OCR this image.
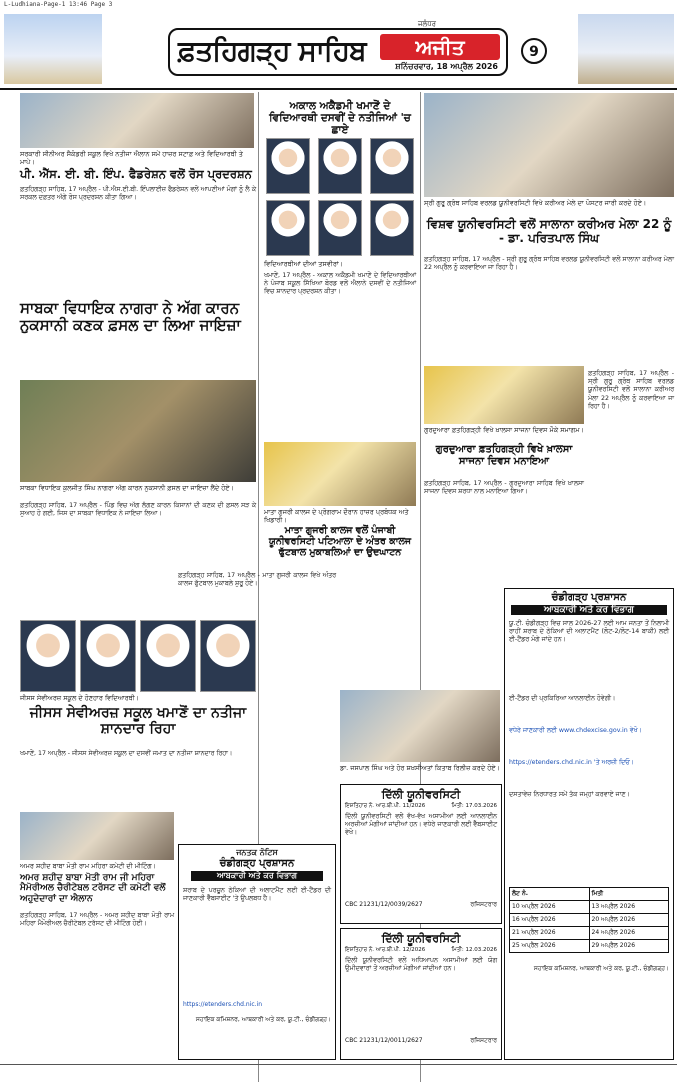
L-Ludhiana-Page-1 13:46 Page 3
ਫ਼ਤਹਿਗੜ੍ਹ ਸਾਹਿਬ
ਜਲੰਧਰ
ਅਜੀਤ
ਸ਼ਨਿੱਚਰਵਾਰ, 18 ਅਪ੍ਰੈਲ 2026
9
ਸਰਕਾਰੀ ਸੀਨੀਅਰ ਸੈਕੰਡਰੀ ਸਕੂਲ ਵਿਖੇ ਨਤੀਜਾ ਐਲਾਨ ਸਮੇਂ ਹਾਜ਼ਰ ਸਟਾਫ਼ ਅਤੇ ਵਿਦਿਆਰਥੀ ਤੇ ਮਾਪੇ।
ਪੀ. ਐੱਸ. ਈ. ਬੀ. ਇੰਪ. ਫੈਡਰੇਸ਼ਨ ਵਲੋਂ ਰੋਸ ਪ੍ਰਦਰਸ਼ਨ
ਫ਼ਤਹਿਗੜ੍ਹ ਸਾਹਿਬ, 17 ਅਪ੍ਰੈਲ - ਪੀ.ਐਸ.ਈ.ਬੀ. ਇੰਪਲਾਈਜ਼ ਫੈਡਰੇਸ਼ਨ ਵਲੋਂ ਆਪਣੀਆਂ ਮੰਗਾਂ ਨੂੰ ਲੈ ਕੇ ਸਰਕਲ ਦਫ਼ਤਰ ਅੱਗੇ ਰੋਸ ਪ੍ਰਦਰਸ਼ਨ ਕੀਤਾ ਗਿਆ।
ਸਾਬਕਾ ਵਿਧਾਇਕ ਨਾਗਰਾ ਨੇ ਅੱਗ ਕਾਰਨ ਨੁਕਸਾਨੀ ਕਣਕ ਫ਼ਸਲ ਦਾ ਲਿਆ ਜਾਇਜ਼ਾ
ਸਾਬਕਾ ਵਿਧਾਇਕ ਕੁਲਜੀਤ ਸਿੰਘ ਨਾਗਰਾ ਅੱਗ ਕਾਰਨ ਨੁਕਸਾਨੀ ਫ਼ਸਲ ਦਾ ਜਾਇਜ਼ਾ ਲੈਂਦੇ ਹੋਏ।
ਫ਼ਤਹਿਗੜ੍ਹ ਸਾਹਿਬ, 17 ਅਪ੍ਰੈਲ - ਪਿੰਡ ਵਿਚ ਅੱਗ ਲੱਗਣ ਕਾਰਨ ਕਿਸਾਨਾਂ ਦੀ ਕਣਕ ਦੀ ਫ਼ਸਲ ਸੜ ਕੇ ਸੁਆਹ ਹੋ ਗਈ, ਜਿਸ ਦਾ ਸਾਬਕਾ ਵਿਧਾਇਕ ਨੇ ਜਾਇਜ਼ਾ ਲਿਆ।
ਜੀਸਸ ਸੇਵੀਅਰਜ਼ ਸਕੂਲ ਦੇ ਹੋਣਹਾਰ ਵਿਦਿਆਰਥੀ।
ਜੀਸਸ ਸੇਵੀਅਰਜ਼ ਸਕੂਲ ਖਮਾਣੋਂ ਦਾ ਨਤੀਜਾ ਸ਼ਾਨਦਾਰ ਰਿਹਾ
ਖਮਾਣੋਂ, 17 ਅਪ੍ਰੈਲ - ਜੀਸਸ ਸੇਵੀਅਰਜ਼ ਸਕੂਲ ਦਾ ਦਸਵੀਂ ਜਮਾਤ ਦਾ ਨਤੀਜਾ ਸ਼ਾਨਦਾਰ ਰਿਹਾ।
ਅਮਰ ਸ਼ਹੀਦ ਬਾਬਾ ਮੋਤੀ ਰਾਮ ਮਹਿਰਾ ਕਮੇਟੀ ਦੀ ਮੀਟਿੰਗ।
ਅਮਰ ਸ਼ਹੀਦ ਬਾਬਾ ਮੋਤੀ ਰਾਮ ਜੀ ਮਹਿਰਾ ਮੈਮੋਰੀਅਲ ਚੈਰੀਟੇਬਲ ਟਰੱਸਟ ਦੀ ਕਮੇਟੀ ਵਲੋਂ ਅਹੁਦੇਦਾਰਾਂ ਦਾ ਐਲਾਨ
ਫ਼ਤਹਿਗੜ੍ਹ ਸਾਹਿਬ, 17 ਅਪ੍ਰੈਲ - ਅਮਰ ਸ਼ਹੀਦ ਬਾਬਾ ਮੋਤੀ ਰਾਮ ਮਹਿਰਾ ਮੈਮੋਰੀਅਲ ਚੈਰੀਟੇਬਲ ਟਰੱਸਟ ਦੀ ਮੀਟਿੰਗ ਹੋਈ।
ਜਨਤਕ ਨੋਟਿਸ
ਚੰਡੀਗੜ੍ਹ ਪ੍ਰਸ਼ਾਸਨ
ਆਬਕਾਰੀ ਅਤੇ ਕਰ ਵਿਭਾਗ
ਸ਼ਰਾਬ ਦੇ ਪਰਚੂਨ ਠੇਕਿਆਂ ਦੀ ਅਲਾਟਮੈਂਟ ਲਈ ਈ-ਟੈਂਡਰ ਦੀ ਜਾਣਕਾਰੀ ਵੈੱਬਸਾਈਟ 'ਤੇ ਉਪਲਬਧ ਹੈ।
https://etenders.chd.nic.in
ਸਹਾਇਕ ਕਮਿਸ਼ਨਰ, ਆਬਕਾਰੀ ਅਤੇ ਕਰ, ਯੂ.ਟੀ., ਚੰਡੀਗੜ੍ਹ।
ਅਕਾਲ ਅਕੈਡਮੀ ਖਮਾਣੋਂ ਦੇ ਵਿਦਿਆਰਥੀ ਦਸਵੀਂ ਦੇ ਨਤੀਜਿਆਂ 'ਚ ਛਾਏ
ਵਿਦਿਆਰਥੀਆਂ ਦੀਆਂ ਤਸਵੀਰਾਂ।
ਖਮਾਣੋਂ, 17 ਅਪ੍ਰੈਲ - ਅਕਾਲ ਅਕੈਡਮੀ ਖਮਾਣੋਂ ਦੇ ਵਿਦਿਆਰਥੀਆਂ ਨੇ ਪੰਜਾਬ ਸਕੂਲ ਸਿੱਖਿਆ ਬੋਰਡ ਵਲੋਂ ਐਲਾਨੇ ਦਸਵੀਂ ਦੇ ਨਤੀਜਿਆਂ ਵਿਚ ਸ਼ਾਨਦਾਰ ਪ੍ਰਦਰਸ਼ਨ ਕੀਤਾ।
ਮਾਤਾ ਗੁਜਰੀ ਕਾਲਜ ਦੇ ਪ੍ਰੋਗਰਾਮ ਦੌਰਾਨ ਹਾਜ਼ਰ ਪ੍ਰਬੰਧਕ ਅਤੇ ਖਿਡਾਰੀ।
ਮਾਤਾ ਗੁਜਰੀ ਕਾਲਜ ਵਲੋਂ ਪੰਜਾਬੀ ਯੂਨੀਵਰਸਿਟੀ ਪਟਿਆਲਾ ਦੇ ਅੰਤਰ ਕਾਲਜ ਫੁੱਟਬਾਲ ਮੁਕਾਬਲਿਆਂ ਦਾ ਉਦਘਾਟਨ
ਫ਼ਤਹਿਗੜ੍ਹ ਸਾਹਿਬ, 17 ਅਪ੍ਰੈਲ - ਮਾਤਾ ਗੁਜਰੀ ਕਾਲਜ ਵਿਖੇ ਅੰਤਰ ਕਾਲਜ ਫੁੱਟਬਾਲ ਮੁਕਾਬਲੇ ਸ਼ੁਰੂ ਹੋਏ।
ਸ੍ਰੀ ਗੁਰੂ ਗ੍ਰੰਥ ਸਾਹਿਬ ਵਰਲਡ ਯੂਨੀਵਰਸਿਟੀ ਵਿਖੇ ਕਰੀਅਰ ਮੇਲੇ ਦਾ ਪੋਸਟਰ ਜਾਰੀ ਕਰਦੇ ਹੋਏ।
ਵਿਸ਼ਵ ਯੂਨੀਵਰਸਿਟੀ ਵਲੋਂ ਸਾਲਾਨਾ ਕਰੀਅਰ ਮੇਲਾ 22 ਨੂੰ - ਡਾ. ਪਰਿਤਪਾਲ ਸਿੰਘ
ਫ਼ਤਹਿਗੜ੍ਹ ਸਾਹਿਬ, 17 ਅਪ੍ਰੈਲ - ਸ੍ਰੀ ਗੁਰੂ ਗ੍ਰੰਥ ਸਾਹਿਬ ਵਰਲਡ ਯੂਨੀਵਰਸਿਟੀ ਵਲੋਂ ਸਾਲਾਨਾ ਕਰੀਅਰ ਮੇਲਾ 22 ਅਪ੍ਰੈਲ ਨੂੰ ਕਰਵਾਇਆ ਜਾ ਰਿਹਾ ਹੈ।
ਗੁਰਦੁਆਰਾ ਫ਼ਤਹਿਗੜ੍ਹੀ ਵਿਖੇ ਖ਼ਾਲਸਾ ਸਾਜਨਾ ਦਿਵਸ ਮੌਕੇ ਸਮਾਗਮ।
ਗੁਰਦੁਆਰਾ ਫ਼ਤਹਿਗੜ੍ਹੀ ਵਿਖੇ ਖ਼ਾਲਸਾ ਸਾਜਨਾ ਦਿਵਸ ਮਨਾਇਆ
ਫ਼ਤਹਿਗੜ੍ਹ ਸਾਹਿਬ, 17 ਅਪ੍ਰੈਲ - ਗੁਰਦੁਆਰਾ ਸਾਹਿਬ ਵਿਖੇ ਖ਼ਾਲਸਾ ਸਾਜਨਾ ਦਿਵਸ ਸ਼ਰਧਾ ਨਾਲ ਮਨਾਇਆ ਗਿਆ।
ਫ਼ਤਹਿਗੜ੍ਹ ਸਾਹਿਬ, 17 ਅਪ੍ਰੈਲ - ਸ੍ਰੀ ਗੁਰੂ ਗ੍ਰੰਥ ਸਾਹਿਬ ਵਰਲਡ ਯੂਨੀਵਰਸਿਟੀ ਵਲੋਂ ਸਾਲਾਨਾ ਕਰੀਅਰ ਮੇਲਾ 22 ਅਪ੍ਰੈਲ ਨੂੰ ਕਰਵਾਇਆ ਜਾ ਰਿਹਾ ਹੈ।
ਡਾ. ਜਸਪਾਲ ਸਿੰਘ ਅਤੇ ਹੋਰ ਸ਼ਖ਼ਸੀਅਤਾਂ ਕਿਤਾਬ ਰਿਲੀਜ਼ ਕਰਦੇ ਹੋਏ।
ਦਿੱਲੀ ਯੂਨੀਵਰਸਿਟੀ
ਇਸ਼ਤਿਹਾਰ ਨੰ. ਆਰ.ਬੀ.ਪੀ. 11/2026	ਮਿਤੀ: 17.03.2026
ਦਿੱਲੀ ਯੂਨੀਵਰਸਿਟੀ ਵਲੋਂ ਵੱਖ-ਵੱਖ ਅਸਾਮੀਆਂ ਲਈ ਆਨਲਾਈਨ ਅਰਜ਼ੀਆਂ ਮੰਗੀਆਂ ਜਾਂਦੀਆਂ ਹਨ। ਵਧੇਰੇ ਜਾਣਕਾਰੀ ਲਈ ਵੈੱਬਸਾਈਟ ਵੇਖੋ।
CBC 21231/12/0039/2627	ਰਜਿਸਟਰਾਰ
ਦਿੱਲੀ ਯੂਨੀਵਰਸਿਟੀ
ਇਸ਼ਤਿਹਾਰ ਨੰ. ਆਰ.ਬੀ.ਪੀ. 12/2026	ਮਿਤੀ: 12.03.2026
ਦਿੱਲੀ ਯੂਨੀਵਰਸਿਟੀ ਵਲੋਂ ਅਧਿਆਪਨ ਅਸਾਮੀਆਂ ਲਈ ਯੋਗ ਉਮੀਦਵਾਰਾਂ ਤੋਂ ਅਰਜ਼ੀਆਂ ਮੰਗੀਆਂ ਜਾਂਦੀਆਂ ਹਨ।
CBC 21231/12/0011/2627	ਰਜਿਸਟਰਾਰ
ਚੰਡੀਗੜ੍ਹ ਪ੍ਰਸ਼ਾਸਨ
ਆਬਕਾਰੀ ਅਤੇ ਕਰ ਵਿਭਾਗ
ਯੂ.ਟੀ. ਚੰਡੀਗੜ੍ਹ ਵਿਚ ਸਾਲ 2026-27 ਲਈ ਆਮ ਜਨਤਾ ਤੋਂ ਨਿਲਾਮੀ ਰਾਹੀਂ ਸ਼ਰਾਬ ਦੇ ਠੇਕਿਆਂ ਦੀ ਅਲਾਟਮੈਂਟ (ਲੋਟ-2/ਲੋਟ-14 ਬਾਕੀ) ਲਈ ਈ-ਟੈਂਡਰ ਮੰਗੇ ਜਾਂਦੇ ਹਨ।
ਈ-ਟੈਂਡਰ ਦੀ ਪ੍ਰਕਿਰਿਆ ਆਨਲਾਈਨ ਹੋਵੇਗੀ।
ਵਧੇਰੇ ਜਾਣਕਾਰੀ ਲਈ www.chdexcise.gov.in ਵੇਖੋ।
https://etenders.chd.nic.in 'ਤੇ ਅਰਜ਼ੀ ਦਿਓ।
ਦਸਤਾਵੇਜ਼ ਨਿਰਧਾਰਤ ਸਮੇਂ ਤੱਕ ਜਮ੍ਹਾਂ ਕਰਵਾਏ ਜਾਣ।
ਲੋਟ ਨੰ.	ਮਿਤੀ
10 ਅਪ੍ਰੈਲ 2026	13 ਅਪ੍ਰੈਲ 2026
16 ਅਪ੍ਰੈਲ 2026	20 ਅਪ੍ਰੈਲ 2026
21 ਅਪ੍ਰੈਲ 2026	24 ਅਪ੍ਰੈਲ 2026
25 ਅਪ੍ਰੈਲ 2026	29 ਅਪ੍ਰੈਲ 2026
ਸਹਾਇਕ ਕਮਿਸ਼ਨਰ, ਆਬਕਾਰੀ ਅਤੇ ਕਰ, ਯੂ.ਟੀ., ਚੰਡੀਗੜ੍ਹ।
